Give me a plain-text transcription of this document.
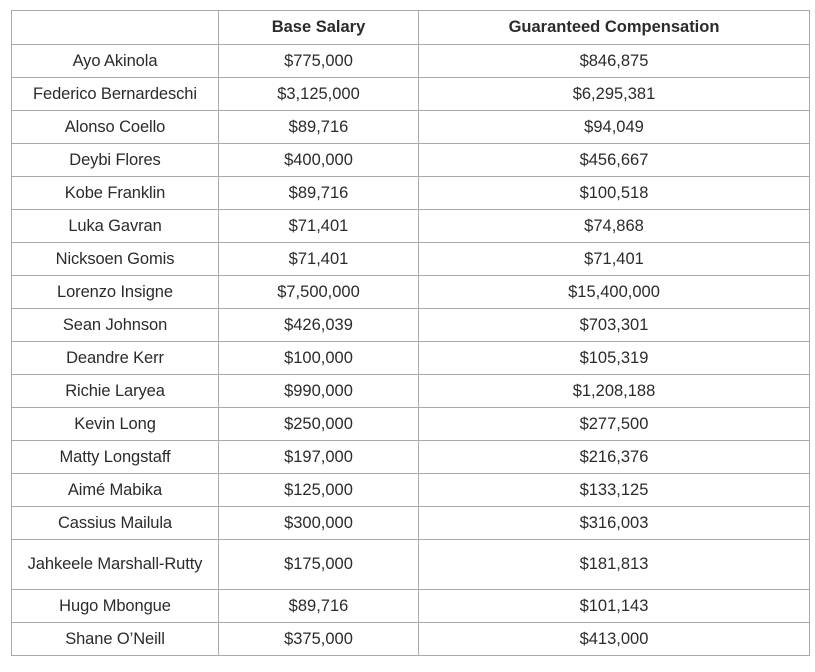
	Base Salary	Guaranteed Compensation
Ayo Akinola	$775,000	$846,875
Federico Bernardeschi	$3,125,000	$6,295,381
Alonso Coello	$89,716	$94,049
Deybi Flores	$400,000	$456,667
Kobe Franklin	$89,716	$100,518
Luka Gavran	$71,401	$74,868
Nicksoen Gomis	$71,401	$71,401
Lorenzo Insigne	$7,500,000	$15,400,000
Sean Johnson	$426,039	$703,301
Deandre Kerr	$100,000	$105,319
Richie Laryea	$990,000	$1,208,188
Kevin Long	$250,000	$277,500
Matty Longstaff	$197,000	$216,376
Aimé Mabika	$125,000	$133,125
Cassius Mailula	$300,000	$316,003
Jahkeele Marshall-Rutty	$175,000	$181,813
Hugo Mbongue	$89,716	$101,143
Shane O’Neill	$375,000	$413,000
